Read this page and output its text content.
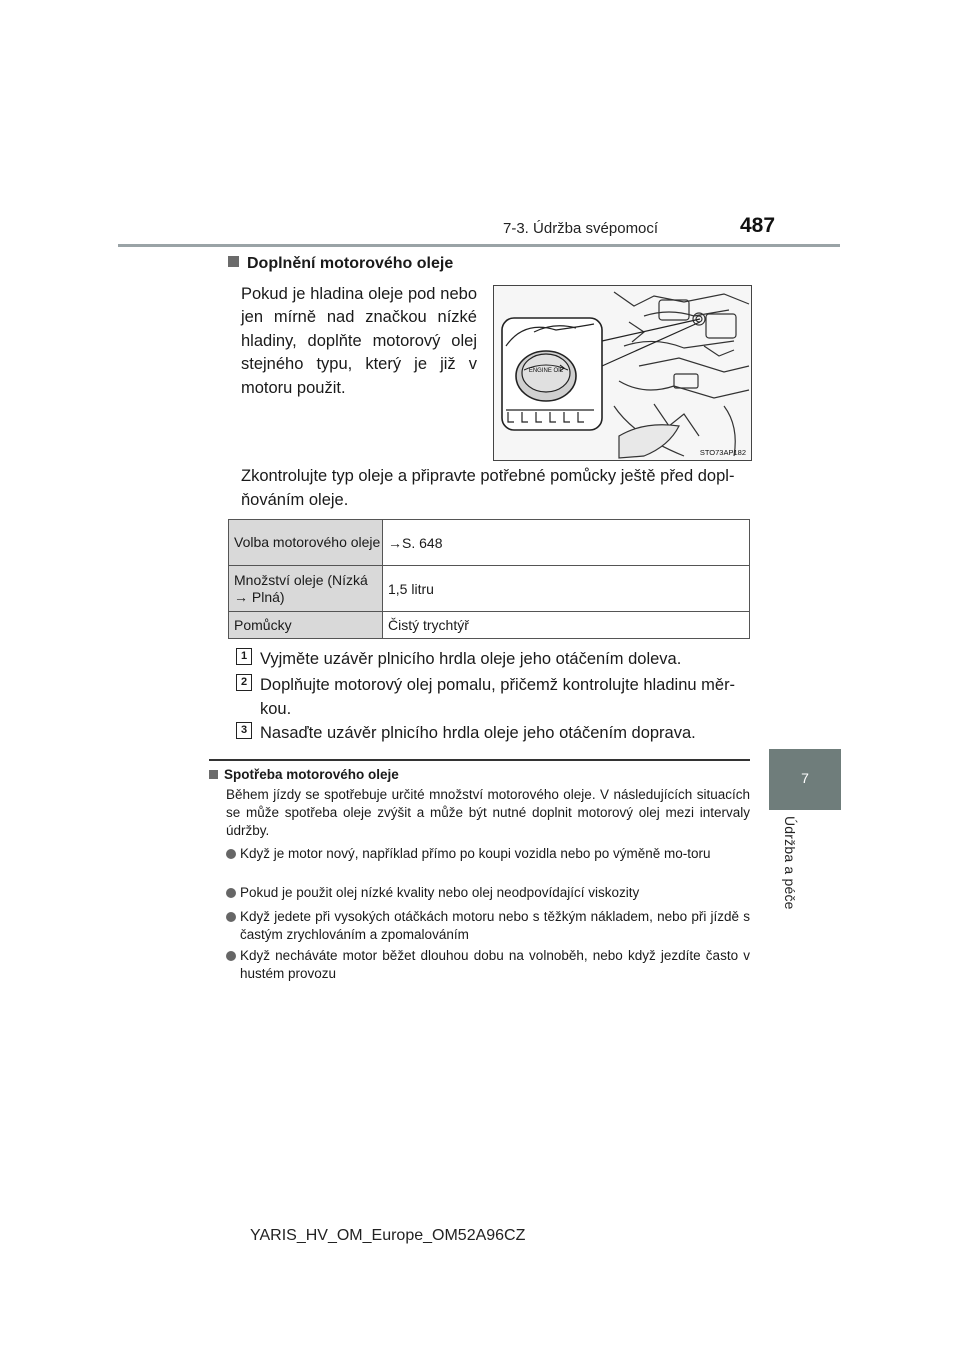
7-3. Údržba svépomocí	487
7
Údržba a péče
Doplnění motorového oleje
Pokud je hladina oleje pod nebo jen mírně nad značkou nízké hladiny, doplňte motorový olej stejného typu, který je již v motoru použit.
ENGINE OIL
STO73AP182
Zkontrolujte typ oleje a připravte potřebné pomůcky ještě před dopl-ňováním oleje.
Volba motorového oleje	→S. 648
Množství oleje (Nízká → Plná)	1,5 litru
Pomůcky	Čistý trychtýř
1 Vyjměte uzávěr plnicího hrdla oleje jeho otáčením doleva.
2 Doplňujte motorový olej pomalu, přičemž kontrolujte hladinu měr-kou.
3 Nasaďte uzávěr plnicího hrdla oleje jeho otáčením doprava.
Spotřeba motorového oleje
Během jízdy se spotřebuje určité množství motorového oleje. V následujících situacích se může spotřeba oleje zvýšit a může být nutné doplnit motorový olej mezi intervaly údržby.
Když je motor nový, například přímo po koupi vozidla nebo po výměně mo-toru
Pokud je použit olej nízké kvality nebo olej neodpovídající viskozity
Když jedete při vysokých otáčkách motoru nebo s těžkým nákladem, nebo při jízdě s častým zrychlováním a zpomalováním
Když necháváte motor běžet dlouhou dobu na volnoběh, nebo když jezdíte často v hustém provozu
YARIS_HV_OM_Europe_OM52A96CZ
